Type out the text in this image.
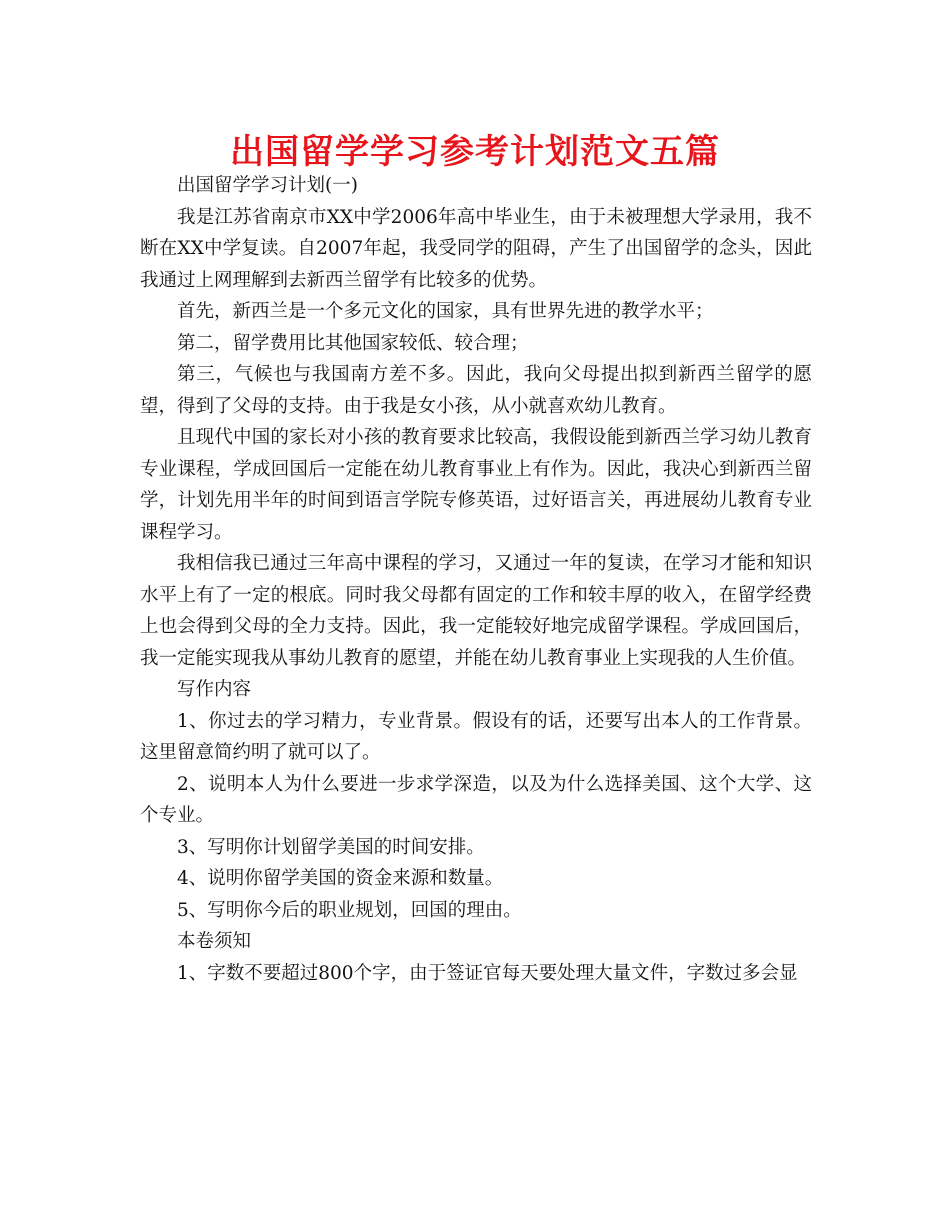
出国留学学习参考计划范文五篇

出国留学学习计划(一)

我是江苏省南京市XX中学2006年高中毕业生，由于未被理想大学录用，我不断在XX中学复读。自2007年起，我受同学的阻碍，产生了出国留学的念头，因此我通过上网理解到去新西兰留学有比较多的优势。

首先，新西兰是一个多元文化的国家，具有世界先进的教学水平；

第二，留学费用比其他国家较低、较合理；

第三，气候也与我国南方差不多。因此，我向父母提出拟到新西兰留学的愿望，得到了父母的支持。由于我是女小孩，从小就喜欢幼儿教育。

且现代中国的家长对小孩的教育要求比较高，我假设能到新西兰学习幼儿教育专业课程，学成回国后一定能在幼儿教育事业上有作为。因此，我决心到新西兰留学，计划先用半年的时间到语言学院专修英语，过好语言关，再进展幼儿教育专业课程学习。

我相信我已通过三年高中课程的学习，又通过一年的复读，在学习才能和知识水平上有了一定的根底。同时我父母都有固定的工作和较丰厚的收入，在留学经费上也会得到父母的全力支持。因此，我一定能较好地完成留学课程。学成回国后，我一定能实现我从事幼儿教育的愿望，并能在幼儿教育事业上实现我的人生价值。

写作内容

1、你过去的学习精力，专业背景。假设有的话，还要写出本人的工作背景。这里留意简约明了就可以了。

2、说明本人为什么要进一步求学深造，以及为什么选择美国、这个大学、这个专业。

3、写明你计划留学美国的时间安排。

4、说明你留学美国的资金来源和数量。

5、写明你今后的职业规划，回国的理由。

本卷须知

1、字数不要超过800个字，由于签证官每天要处理大量文件，字数过多会显
